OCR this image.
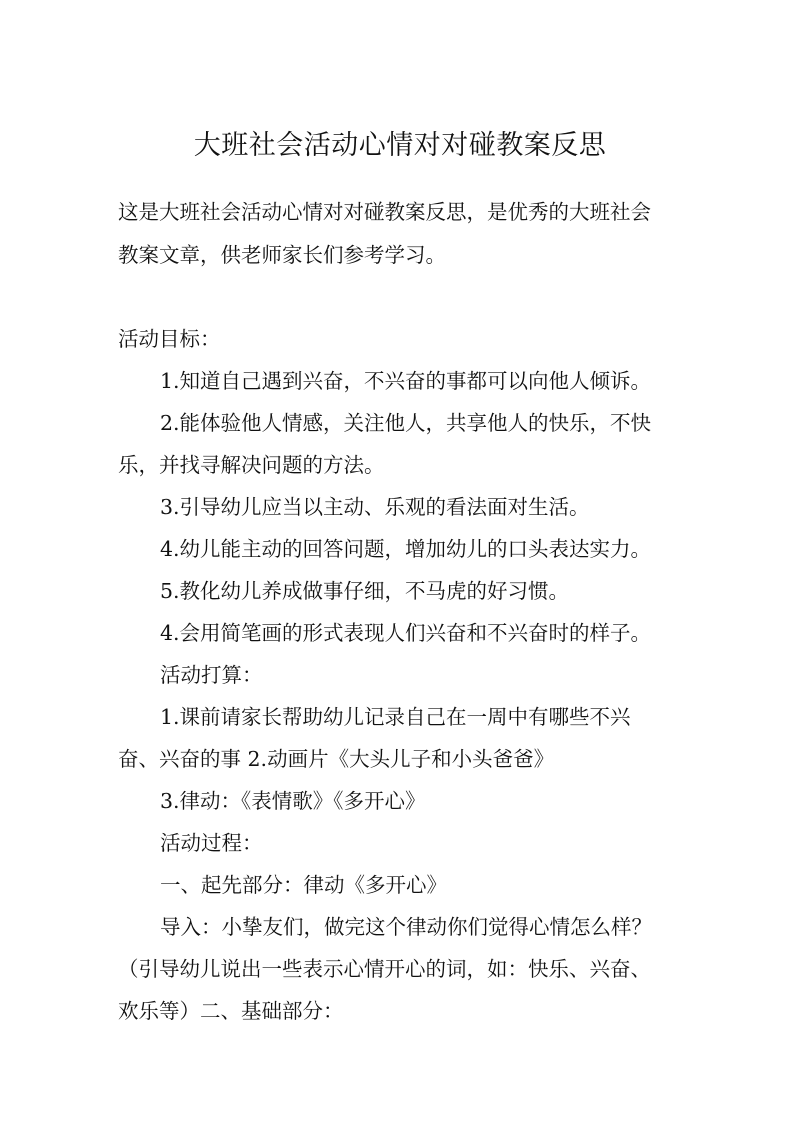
大班社会活动心情对对碰教案反思
这是大班社会活动心情对对碰教案反思，是优秀的大班社会
教案文章，供老师家长们参考学习。
活动目标：
1.知道自己遇到兴奋，不兴奋的事都可以向他人倾诉。
2.能体验他人情感，关注他人，共享他人的快乐，不快
乐，并找寻解决问题的方法。
3.引导幼儿应当以主动、乐观的看法面对生活。
4.幼儿能主动的回答问题，增加幼儿的口头表达实力。
5.教化幼儿养成做事仔细，不马虎的好习惯。
4.会用简笔画的形式表现人们兴奋和不兴奋时的样子。
活动打算：
1.课前请家长帮助幼儿记录自己在一周中有哪些不兴
奋、兴奋的事 2.动画片《大头儿子和小头爸爸》
3.律动：《表情歌》《多开心》
活动过程：
一、起先部分：律动《多开心》
导入：小挚友们，做完这个律动你们觉得心情怎么样？
（引导幼儿说出一些表示心情开心的词，如：快乐、兴奋、
欢乐等）二、基础部分：
